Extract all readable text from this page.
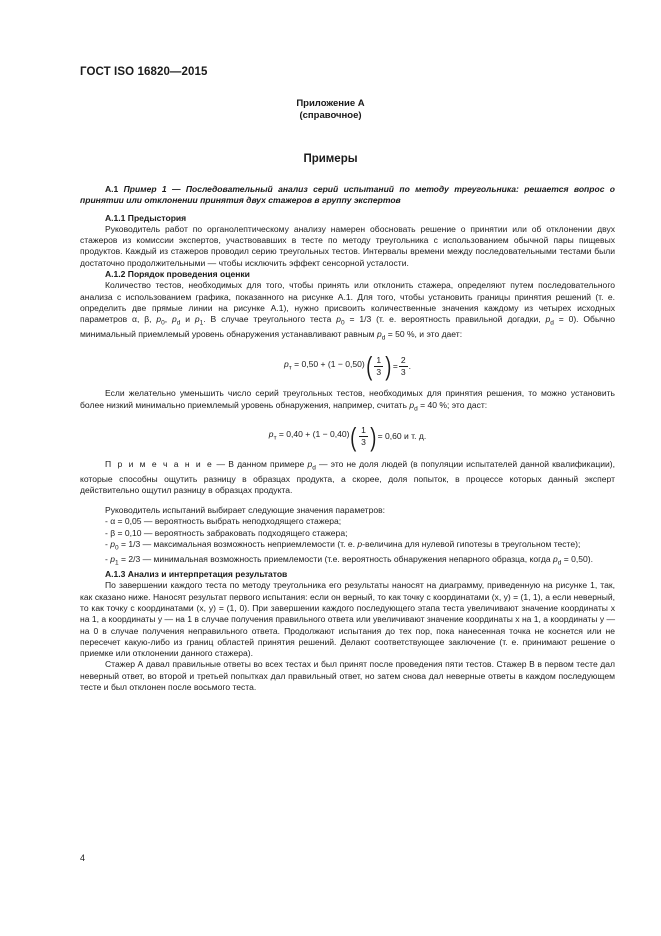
ГОСТ ISO 16820—2015
Приложение А
(справочное)
Примеры

А.1 Пример 1 — Последовательный анализ серий испытаний по методу треугольника: решается вопрос о принятии или отклонении принятия двух стажеров в группу экспертов

А.1.1 Предыстория

Руководитель работ по органолептическому анализу намерен обосновать решение о принятии или об отклонении двух стажеров из комиссии экспертов, участвовавших в тесте по методу треугольника с использованием обычной пары пищевых продуктов. Каждый из стажеров проводил серию треугольных тестов. Интервалы времени между последовательными тестами были достаточно продолжительными — чтобы исключить эффект сенсорной усталости.

А.1.2 Порядок проведения оценки

Количество тестов, необходимых для того, чтобы принять или отклонить стажера, определяют путем последовательного анализа с использованием графика, показанного на рисунке А.1. Для того, чтобы установить границы принятия решений (т. е. определить две прямые линии на рисунке А.1), нужно присвоить количественные значения каждому из четырех исходных параметров α, β, $p_0$, $p_d$ и $p_1$. В случае треугольного теста $p_0 = 1/3$ (т. е. вероятность правильной догадки, $p_d = 0$). Обычно минимальный приемлемый уровень обнаружения устанавливают равным $p_d = 50$ %, и это дает:

$p_т = 0,50 + (1 - 0,50)$ ( $\frac{1}{3}$ ) = $\frac{2}{3}$ .

Если желательно уменьшить число серий треугольных тестов, необходимых для принятия решения, то можно установить более низкий минимально приемлемый уровень обнаружения, например, считать $p_d = 40$ %; это даст:

$p_т = 0,40 + (1 - 0,40)$ ( $\frac{1}{3}$ ) = 0,60 и т. д.

П р и м е ч а н и е — В данном примере $p_d$ — это не доля людей (в популяции испытателей данной квалификации), которые способны ощутить разницу в образцах продукта, а скорее, доля попыток, в процессе которых данный эксперт действительно ощутил разницу в образцах продукта.

Руководитель испытаний выбирает следующие значения параметров:

- α = 0,05 — вероятность выбрать неподходящего стажера;

- β = 0,10 — вероятность забраковать подходящего стажера;

- $p_0 = 1/3$ — максимальная возможность неприемлемости (т. е. p-величина для нулевой гипотезы в треугольном тесте);

- $p_1 = 2/3$ — минимальная возможность приемлемости (т.е. вероятность обнаружения непарного образца, когда $p_d = 0,50$).

А.1.3 Анализ и интерпретация результатов

По завершении каждого теста по методу треугольника его результаты наносят на диаграмму, приведенную на рисунке 1, так, как сказано ниже. Наносят результат первого испытания: если он верный, то как точку с координатами (x, y) = (1, 1), а если неверный, то как точку с координатами (x, y) = (1, 0). При завершении каждого последующего этапа теста увеличивают значение координаты x на 1, а координаты y — на 1 в случае получения правильного ответа или увеличивают значение координаты x на 1, а координаты y — на 0 в случае получения неправильного ответа. Продолжают испытания до тех пор, пока нанесенная точка не коснется или не пересечет какую-либо из границ областей принятия решений. Делают соответствующее заключение (т. е. принимают решение о приемке или отклонении данного стажера).

Стажер А давал правильные ответы во всех тестах и был принят после проведения пяти тестов. Стажер В в первом тесте дал неверный ответ, во второй и третьей попытках дал правильный ответ, но затем снова дал неверные ответы в каждом последующем тесте и был отклонен после восьмого теста.

4
